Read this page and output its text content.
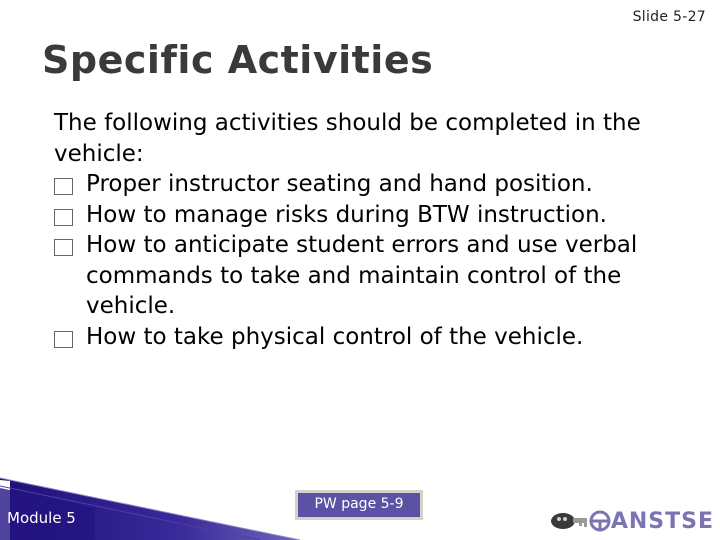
Slide 5-27
Specific Activities

The following activities should be completed in the vehicle:

Proper instructor seating and hand position.
How to manage risks during BTW instruction.
How to anticipate student errors and use verbal commands to take and maintain control of the vehicle.
How to take physical control of the vehicle.

Module 5

PW page 5-9
ANSTSE
